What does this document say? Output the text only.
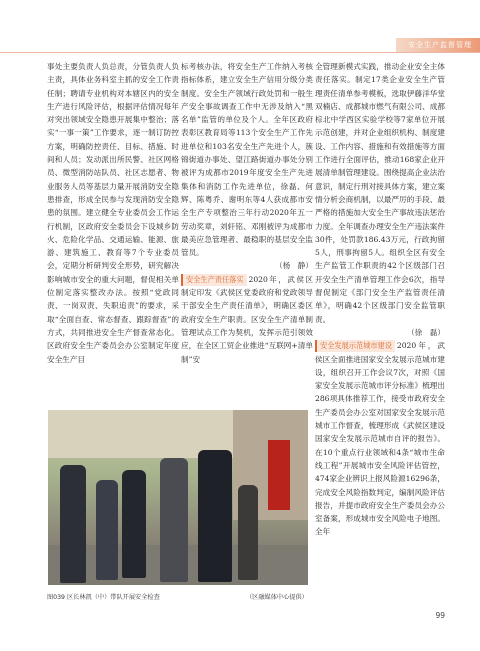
安全生产监督管理

事处主要负责人负总责，分管负责人负主责，具体业务科室主抓的安全工作责任制；聘请专业机构对本辖区内的安全生产进行风险评估，根据评估情况每年对突出领域安全隐患开展集中整治；落实“一事一策”工作要求，逐一制订防控方案，明确防控责任、目标、措施、时间和人员；发动派出所民警、社区网格员、微型消防站队员、社区志愿者、物业服务人员等基层力量开展消防安全隐患排查，形成全民参与发现消防安全隐患的氛围。建立健全专业委员会工作运行机制，区政府安全委员会下设城乡防火、危险化学品、交通运输、能源、旅游、建筑施工、教育等7个专业委员会，定期分析研判安全形势，研究解决影响城市安全的重大问题，督促相关单位制定落实整改办法。按照“党政同责、一岗双责、失职追责”的要求，采取“全面自查、常态督查、跟踪督查”的方式，共同推进安全生产督查常态化。区政府安全生产委员会办公室制定年度安全生产目

标考核办法，将安全生产工作纳入考核指标体系，建立安全生产信用分级分类制度。安全生产领域行政处罚和一般生产安全事故调查工作中无涉及纳入“黑名单”监管的单位及个人。全年区政府表彰区教育局等113个安全生产工作先进单位和103名安全生产先进个人，簇锦街道办事处、望江路街道办事处分别被评为成都市2019年度安全生产先进集体和消防工作先进单位，徐磊、何辉、陈粤乔、谢明东等4人获成都市安全生产专项整治三年行动2020年五一劳动奖章，刘轩铭、邓刚被评为成都市最美应急管理者、最稳职的基层安全监管员。

（杨　静）

安全生产责任落实 2020年，武侯区制定印发《武侯区党委政府和党政领导干部安全生产责任清单》，明确区委区政府安全生产职责。区安全生产清单制管理试点工作为契机，发挥示范引领效应，在全区工贸企业推进“互联网+清单制”安

全管理新模式实践，推动企业安全主体责任落实。制定17类企业安全生产管理责任清单参考模板，选取伊藤洋华堂双楠店、成都城市燃气有限公司、成都棕北中学西区实验学校等7家单位开展示范创建，并对企业组织机构、制度建设、工作内容、措施和有效措施等方面工作进行全面评估，推动168家企业开展清单制管理建设。围绕提高企业法治意识，制定行刑对接具体方案，建立案情分析会商机制，以最严厉的手段、最严格的措施加大安全生产事故违法惩治力度。全年调查办理安全生产违法案件30件，处罚款186.43万元，行政拘留5人，刑事拘留5人。组织全区有安全生产监管工作职责的42个区级部门召开安全生产清单管理工作会6次，指导督促制定《部门安全生产监管责任清单》，明确42个区级部门安全监管职责。

（徐　磊）

安全发展示范城市建设 2020年，武侯区全面推进国家安全发展示范城市建设，组织召开工作会议7次，对照《国家安全发展示范城市评分标准》梳理出286项具体推荐工作，接受市政府安全生产委员会办公室对国家安全发展示范城市工作督查，梳理形成《武侯区建设国家安全发展示范城市自评的报告》。在10个重点行业领域和4条“城市生命线工程”开展城市安全风险评估管控，474家企业辨识上报风险源16296条，完成安全风险指数判定，编制风险评估报告，并提市政府安全生产委员会办公室备案，形成城市安全风险电子地图。全年

图039 区长林凯（中）带队开展安全检查	（区融媒体中心提供）
99
